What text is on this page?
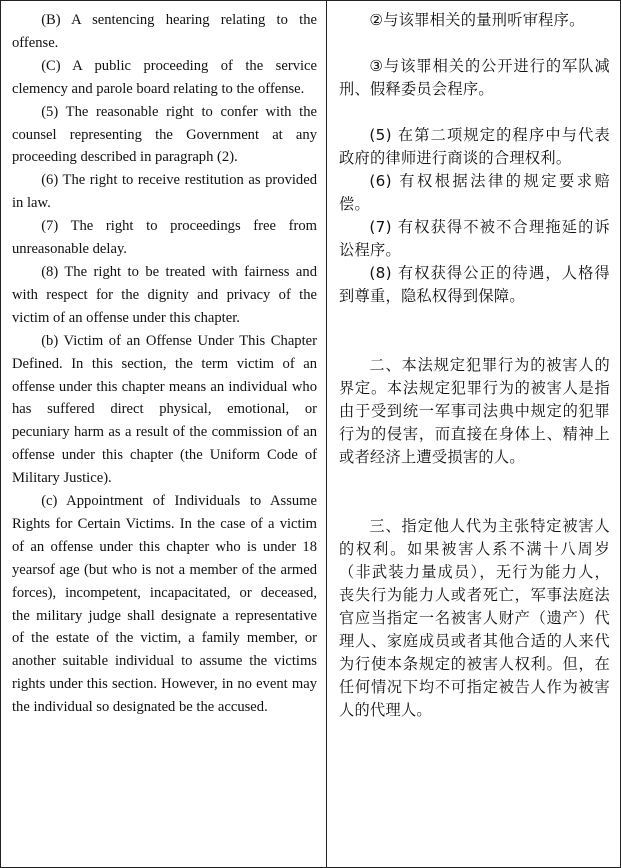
(B) A sentencing hearing relating to the offense.

(C) A public proceeding of the service clemency and parole board relating to the offense.

(5) The reasonable right to confer with the counsel representing the Government at any proceeding described in paragraph (2).

(6) The right to receive restitution as provided in law.

(7) The right to proceedings free from unreasonable delay.

(8) The right to be treated with fairness and with respect for the dignity and privacy of the victim of an offense under this chapter.

(b) Victim of an Offense Under This Chapter Defined. In this section, the term victim of an offense under this chapter means an individual who has suffered direct physical, emotional, or pecuniary harm as a result of the commission of an offense under this chapter (the Uniform Code of Military Justice).

(c) Appointment of Individuals to Assume Rights for Certain Victims. In the case of a victim of an offense under this chapter who is under 18 yearsof age (but who is not a member of the armed forces), incompetent, incapacitated, or deceased, the military judge shall designate a representative of the estate of the victim, a family member, or another suitable individual to assume the victims rights under this section. However, in no event may the individual so designated be the accused.

②与该罪相关的量刑听审程序。

③与该罪相关的公开进行的军队减刑、假释委员会程序。

(5) 在第二项规定的程序中与代表政府的律师进行商谈的合理权利。

(6) 有权根据法律的规定要求赔偿。

(7) 有权获得不被不合理拖延的诉讼程序。

(8) 有权获得公正的待遇，人格得到尊重，隐私权得到保障。

二、本法规定犯罪行为的被害人的界定。本法规定犯罪行为的被害人是指由于受到统一军事司法典中规定的犯罪行为的侵害，而直接在身体上、精神上或者经济上遭受损害的人。

三、指定他人代为主张特定被害人的权利。如果被害人系不满十八周岁（非武装力量成员），无行为能力人，丧失行为能力人或者死亡，军事法庭法官应当指定一名被害人财产（遗产）代理人、家庭成员或者其他合适的人来代为行使本条规定的被害人权利。但，在任何情况下均不可指定被告人作为被害人的代理人。
